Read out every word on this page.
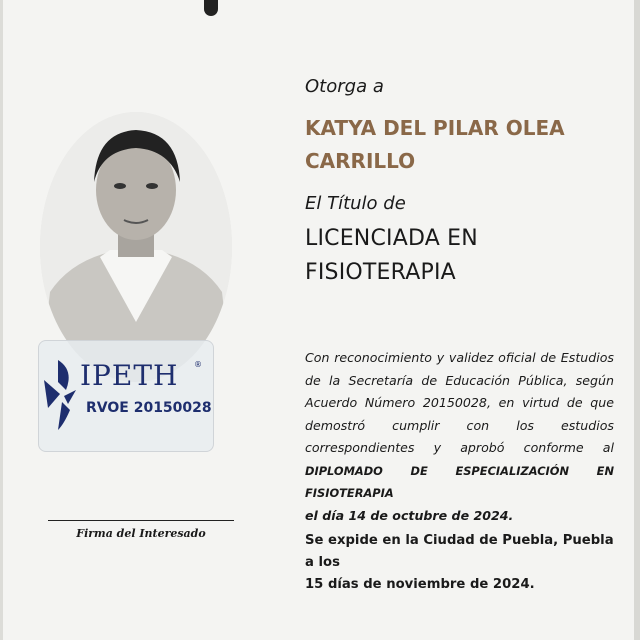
IPETH ®
RVOE 20150028
Firma del Interesado
Otorga a
KATYA DEL PILAR OLEA
CARRILLO
El Título de
LICENCIADA EN
FISIOTERAPIA
Con reconocimiento y validez oficial de Estudios
de la Secretaría de Educación Pública, según
Acuerdo Número 20150028, en virtud de que
demostró cumplir con los estudios
correspondientes y aprobó conforme al
DIPLOMADO DE ESPECIALIZACIÓN EN FISIOTERAPIA
el día 14 de octubre de 2024.
Se expide en la Ciudad de Puebla, Puebla a los
15 días de noviembre de 2024.
